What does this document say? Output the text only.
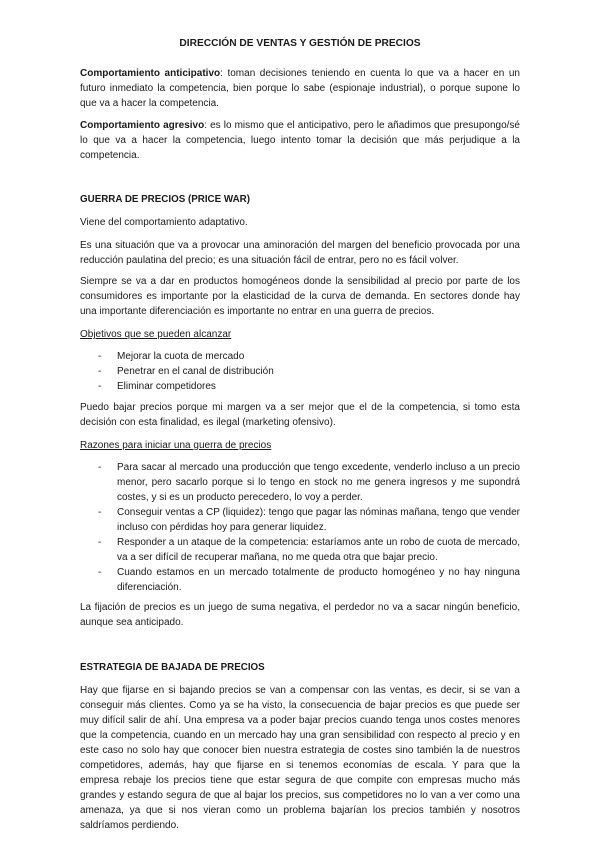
DIRECCIÓN DE VENTAS Y GESTIÓN DE PRECIOS

Comportamiento anticipativo: toman decisiones teniendo en cuenta lo que va a hacer en un futuro inmediato la competencia, bien porque lo sabe (espionaje industrial), o porque supone lo que va a hacer la competencia.

Comportamiento agresivo: es lo mismo que el anticipativo, pero le añadimos que presupongo/sé lo que va a hacer la competencia, luego intento tomar la decisión que más perjudique a la competencia.

GUERRA DE PRECIOS (PRICE WAR)

Viene del comportamiento adaptativo.

Es una situación que va a provocar una aminoración del margen del beneficio provocada por una reducción paulatina del precio; es una situación fácil de entrar, pero no es fácil volver.

Siempre se va a dar en productos homogéneos donde la sensibilidad al precio por parte de los consumidores es importante por la elasticidad de la curva de demanda. En sectores donde hay una importante diferenciación es importante no entrar en una guerra de precios.

Objetivos que se pueden alcanzar

- Mejorar la cuota de mercado
- Penetrar en el canal de distribución
- Eliminar competidores

Puedo bajar precios porque mi margen va a ser mejor que el de la competencia, si tomo esta decisión con esta finalidad, es ilegal (marketing ofensivo).

Razones para iniciar una guerra de precios

- Para sacar al mercado una producción que tengo excedente, venderlo incluso a un precio menor, pero sacarlo porque si lo tengo en stock no me genera ingresos y me supondrá costes, y si es un producto perecedero, lo voy a perder.
- Conseguir ventas a CP (liquidez): tengo que pagar las nóminas mañana, tengo que vender incluso con pérdidas hoy para generar liquidez.
- Responder a un ataque de la competencia: estaríamos ante un robo de cuota de mercado, va a ser difícil de recuperar mañana, no me queda otra que bajar precio.
- Cuando estamos en un mercado totalmente de producto homogéneo y no hay ninguna diferenciación.

La fijación de precios es un juego de suma negativa, el perdedor no va a sacar ningún beneficio, aunque sea anticipado.

ESTRATEGIA DE BAJADA DE PRECIOS

Hay que fijarse en si bajando precios se van a compensar con las ventas, es decir, si se van a conseguir más clientes. Como ya se ha visto, la consecuencia de bajar precios es que puede ser muy difícil salir de ahí. Una empresa va a poder bajar precios cuando tenga unos costes menores que la competencia, cuando en un mercado hay una gran sensibilidad con respecto al precio y en este caso no solo hay que conocer bien nuestra estrategia de costes sino también la de nuestros competidores, además, hay que fijarse en si tenemos economías de escala. Y para que la empresa rebaje los precios tiene que estar segura de que compite con empresas mucho más grandes y estando segura de que al bajar los precios, sus competidores no lo van a ver como una amenaza, ya que si nos vieran como un problema bajarían los precios también y nosotros saldríamos perdiendo.
